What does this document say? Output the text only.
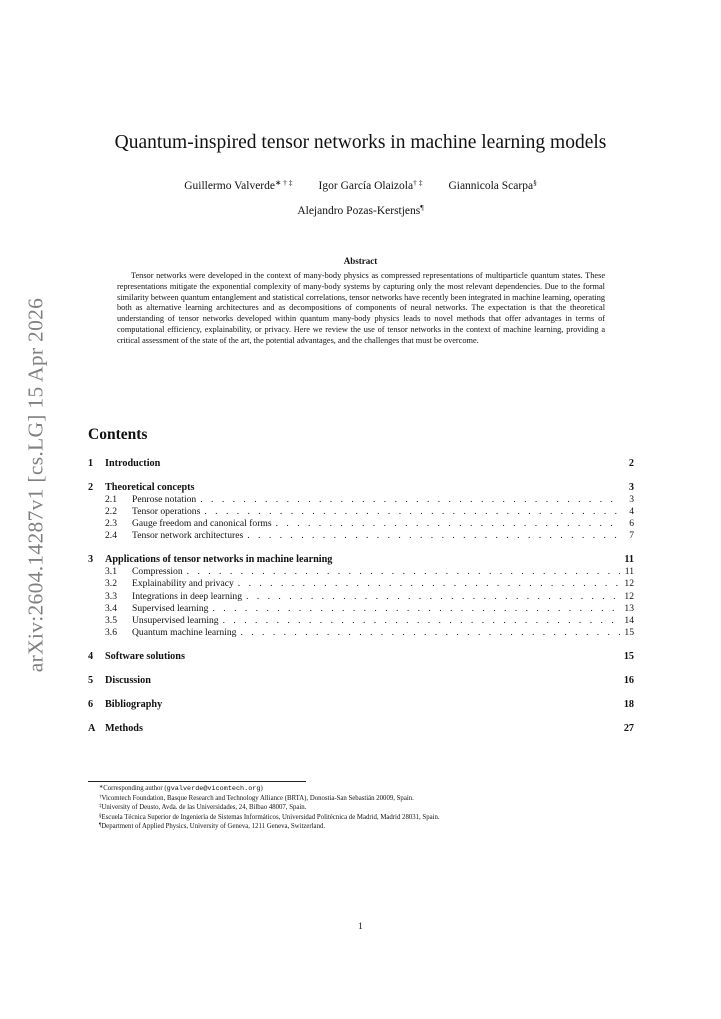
arXiv:2604.14287v1 [cs.LG] 15 Apr 2026
Quantum-inspired tensor networks in machine learning models
Guillermo Valverde∗ † ‡ Igor García Olaizola† ‡ Giannicola Scarpa§
Alejandro Pozas-Kerstjens¶
Abstract
Tensor networks were developed in the context of many-body physics as compressed representations of multiparticle quantum states. These representations mitigate the exponential complexity of many-body systems by capturing only the most relevant dependencies. Due to the formal similarity between quantum entanglement and statistical correlations, tensor networks have recently been integrated in machine learning, operating both as alternative learning architectures and as decompositions of components of neural networks. The expectation is that the theoretical understanding of tensor networks developed within quantum many-body physics leads to novel methods that offer advantages in terms of computational efficiency, explainability, or privacy. Here we review the use of tensor networks in the context of machine learning, providing a critical assessment of the state of the art, the potential advantages, and the challenges that must be overcome.
Contents
1 Introduction	2
2 Theoretical concepts	3
2.1	Penrose notation . . .	3
2.2	Tensor operations . . .	4
2.3	Gauge freedom and canonical forms . . .	6
2.4	Tensor network architectures . . .	7
3 Applications of tensor networks in machine learning	11
3.1	Compression . . .	11
3.2	Explainability and privacy . . .	12
3.3	Integrations in deep learning . . .	12
3.4	Supervised learning . . .	13
3.5	Unsupervised learning . . .	14
3.6	Quantum machine learning . . .	15
4 Software solutions	15
5 Discussion	16
6 Bibliography	18
A Methods	27
∗Corresponding author (gvalverde@vicomtech.org)
†Vicomtech Foundation, Basque Research and Technology Alliance (BRTA), Donostia-San Sebastián 20009, Spain.
‡University of Deusto, Avda. de las Universidades, 24, Bilbao 48007, Spain.
§Escuela Técnica Superior de Ingeniería de Sistemas Informáticos, Universidad Politécnica de Madrid, Madrid 28031, Spain.
¶Department of Applied Physics, University of Geneva, 1211 Geneva, Switzerland.
1
